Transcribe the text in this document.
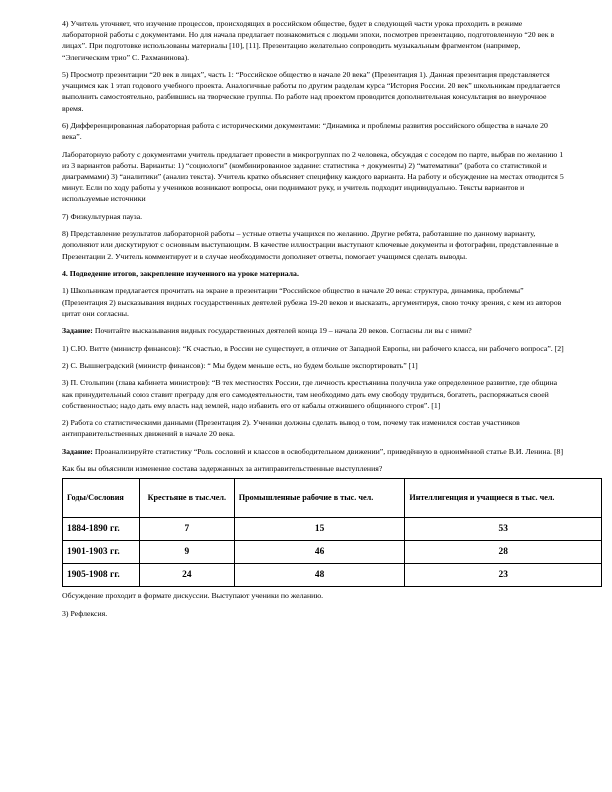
4) Учитель уточняет, что изучение процессов, происходящих в российском обществе, будет в следующей части урока проходить в режиме лабораторной работы с документами. Но для начала предлагает познакомиться с людьми эпохи, посмотрев презентацию, подготовленную “20 век в лицах”. При подготовке использованы материалы [10], [11]. Презентацию желательно сопроводить музыкальным фрагментом (например, “Элегическим трио” С. Рахманинова).

5) Просмотр презентации “20 век в лицах”, часть 1: “Российское общество в начале 20 века” (Презентация 1). Данная презентация представляется учащимся как 1 этап годового учебного проекта. Аналогичные работы по другим разделам курса “История России. 20 век” школьникам предлагается выполнить самостоятельно, разбившись на творческие группы. По работе над проектом проводится дополнительная консультация во внеурочное время.

6) Дифференцированная лабораторная работа с историческими документами: “Динамика и проблемы развития российского общества в начале 20 века”.

Лабораторную работу с документами учитель предлагает провести в микрогруппах по 2 человека, обсуждая с соседом по парте, выбрав по желанию 1 из 3 вариантов работы. Варианты: 1) “социологи” (комбинированное задание: статистика + документы) 2) “математики” (работа со статистикой и диаграммами) 3) “аналитики” (анализ текста). Учитель кратко объясняет специфику каждого варианта. На работу и обсуждение на местах отводится 5 минут. Если по ходу работы у учеников возникают вопросы, они поднимают руку, и учитель подходит индивидуально. Тексты вариантов и используемые источники

7) Физкультурная пауза.

8) Представление результатов лабораторной работы – устные ответы учащихся по желанию. Другие ребята, работавшие по данному варианту, дополняют или дискутируют с основным выступающим. В качестве иллюстрации выступают ключевые документы и фотографии, представленные в Презентации 2. Учитель комментирует и в случае необходимости дополняет ответы, помогает учащимся сделать выводы.

4. Подведение итогов, закрепление изученного на уроке материала.

1) Школьникам предлагается прочитать на экране в презентации “Российское общество в начале 20 века: структура, динамика, проблемы” (Презентация 2) высказывания видных государственных деятелей рубежа 19-20 веков и высказать, аргументируя, свою точку зрения, с кем из авторов цитат они согласны.

Задание: Почитайте высказывания видных государственных деятелей конца 19 – начала 20 веков. Согласны ли вы с ними?

1) С.Ю. Витте (министр финансов): “К счастью, в России не существует, в отличие от Западной Европы, ни рабочего класса, ни рабочего вопроса”. [2]

2) С. Вышнеградский (министр финансов): “ Мы будем меньше есть, но будем больше экспортировать” [1]

3) П. Столыпин (глава кабинета министров): “В тех местностях России, где личность крестьянина получила уже определенное развитие, где община как принудительный союз ставит преграду для его самодеятельности, там необходимо дать ему свободу трудиться, богатеть, распоряжаться своей собственностью; надо дать ему власть над землей, надо избавить его от кабалы отжившего общинного строя”. [1]

2) Работа со статистическими данными (Презентация 2). Ученики должны сделать вывод о том, почему так изменился состав участников антиправительственных движений в начале 20 века.

Задание: Проанализируйте статистику “Роль сословий и классов в освободительном движении”, приведённую в одноимённой статье В.И. Ленина. [8]

Как бы вы объяснили изменение состава задержанных за антиправительственные выступления?

Годы/Сословия	Крестьяне в тыс.чел.	Промышленные рабочие в тыс. чел.	Интеллигенция и учащиеся в тыс. чел.
1884-1890 гг.	7	15	53
1901-1903 гг.	9	46	28
1905-1908 гг.	24	48	23

Обсуждение проходит в формате дискуссии. Выступают ученики по желанию.

3) Рефлексия.
